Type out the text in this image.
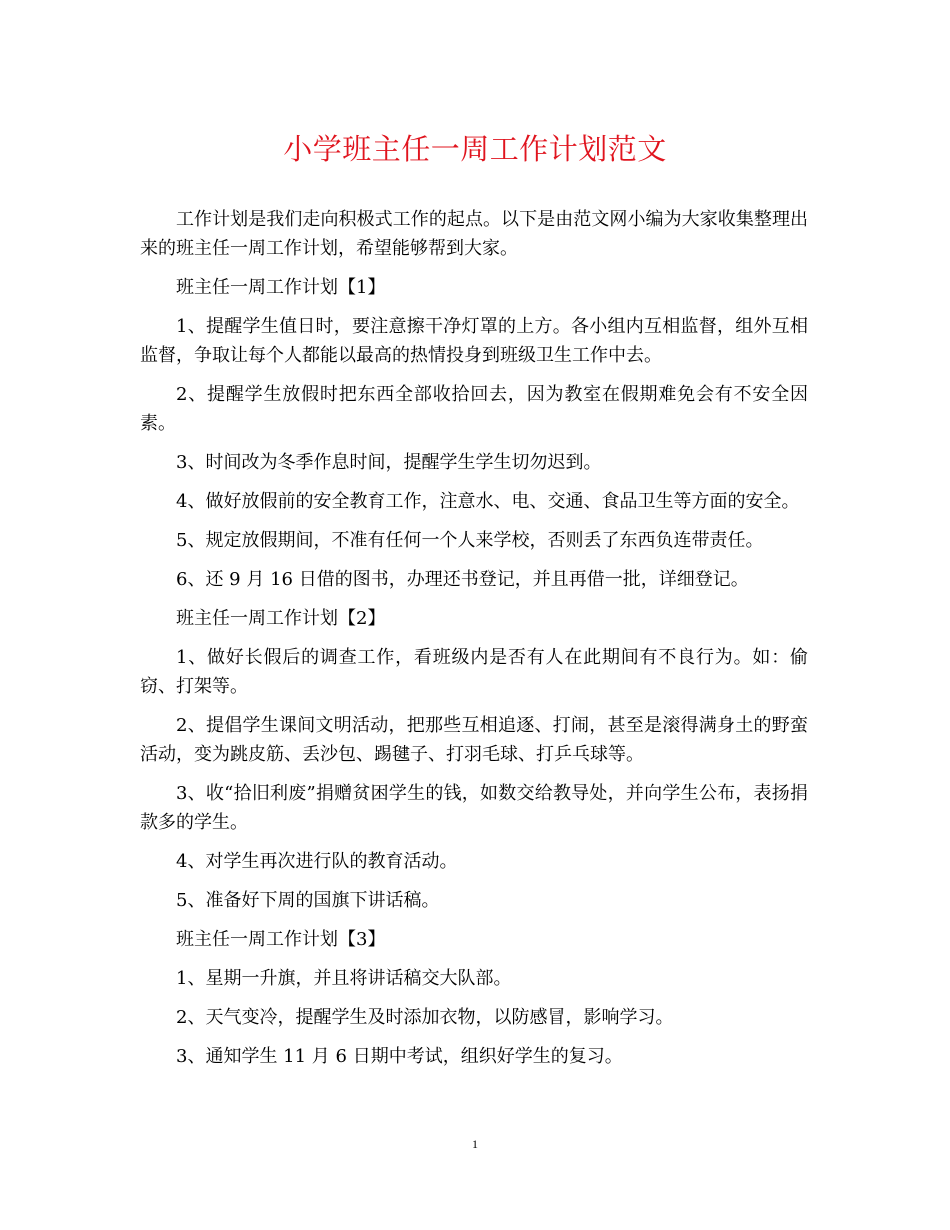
小学班主任一周工作计划范文

工作计划是我们走向积极式工作的起点。以下是由范文网小编为大家收集整理出来的班主任一周工作计划，希望能够帮到大家。

班主任一周工作计划【1】

1、提醒学生值日时，要注意擦干净灯罩的上方。各小组内互相监督，组外互相监督，争取让每个人都能以最高的热情投身到班级卫生工作中去。

2、提醒学生放假时把东西全部收拾回去，因为教室在假期难免会有不安全因素。

3、时间改为冬季作息时间，提醒学生学生切勿迟到。

4、做好放假前的安全教育工作，注意水、电、交通、食品卫生等方面的安全。

5、规定放假期间，不准有任何一个人来学校，否则丢了东西负连带责任。

6、还 9 月 16 日借的图书，办理还书登记，并且再借一批，详细登记。

班主任一周工作计划【2】

1、做好长假后的调查工作，看班级内是否有人在此期间有不良行为。如：偷窃、打架等。

2、提倡学生课间文明活动，把那些互相追逐、打闹，甚至是滚得满身土的野蛮活动，变为跳皮筋、丢沙包、踢毽子、打羽毛球、打乒乓球等。

3、收“拾旧利废”捐赠贫困学生的钱，如数交给教导处，并向学生公布，表扬捐款多的学生。

4、对学生再次进行队的教育活动。

5、准备好下周的国旗下讲话稿。

班主任一周工作计划【3】

1、星期一升旗，并且将讲话稿交大队部。

2、天气变冷，提醒学生及时添加衣物，以防感冒，影响学习。

3、通知学生 11 月 6 日期中考试，组织好学生的复习。

1
